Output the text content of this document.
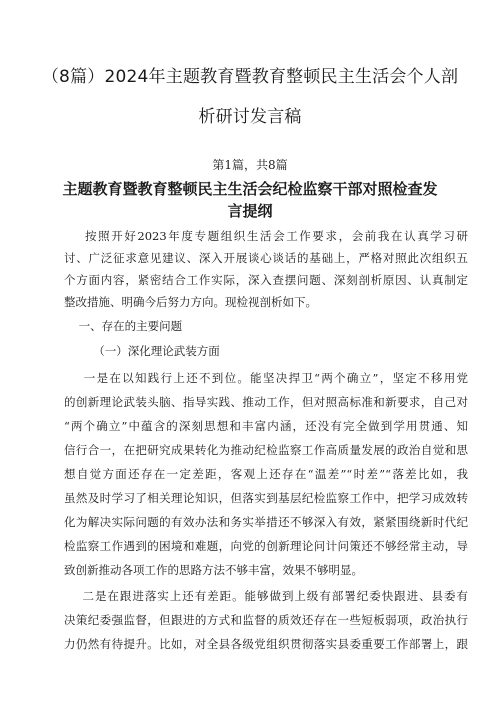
（8篇）2024年主题教育暨教育整顿民主生活会个人剖
析研讨发言稿
第1篇，共8篇
主题教育暨教育整顿民主生活会纪检监察干部对照检查发
言提纲
按照开好2023年度专题组织生活会工作要求，会前我在认真学习研
讨、广泛征求意见建议、深入开展谈心谈话的基础上，严格对照此次组织五
个方面内容，紧密结合工作实际，深入查摆问题、深刻剖析原因、认真制定
整改措施、明确今后努力方向。现检视剖析如下。
一、存在的主要问题
（一）深化理论武装方面
一是在以知践行上还不到位。能坚决捍卫“两个确立”，坚定不移用党
的创新理论武装头脑、指导实践、推动工作，但对照高标准和新要求，自己对
“两个确立”中蕴含的深刻思想和丰富内涵，还没有完全做到学用贯通、知
信行合一，在把研究成果转化为推动纪检监察工作高质量发展的政治自觉和思
想自觉方面还存在一定差距，客观上还存在“温差”“时差”“落差比如，我
虽然及时学习了相关理论知识，但落实到基层纪检监察工作中，把学习成效转
化为解决实际问题的有效办法和务实举措还不够深入有效，紧紧围绕新时代纪
检监察工作遇到的困境和难题，向党的创新理论问计问策还不够经常主动，导
致创新推动各项工作的思路方法不够丰富，效果不够明显。
二是在跟进落实上还有差距。能够做到上级有部署纪委快跟进、县委有
决策纪委强监督，但跟进的方式和监督的质效还存在一些短板弱项，政治执行
力仍然有待提升。比如，对全县各级党组织贯彻落实县委重要工作部署上，跟
